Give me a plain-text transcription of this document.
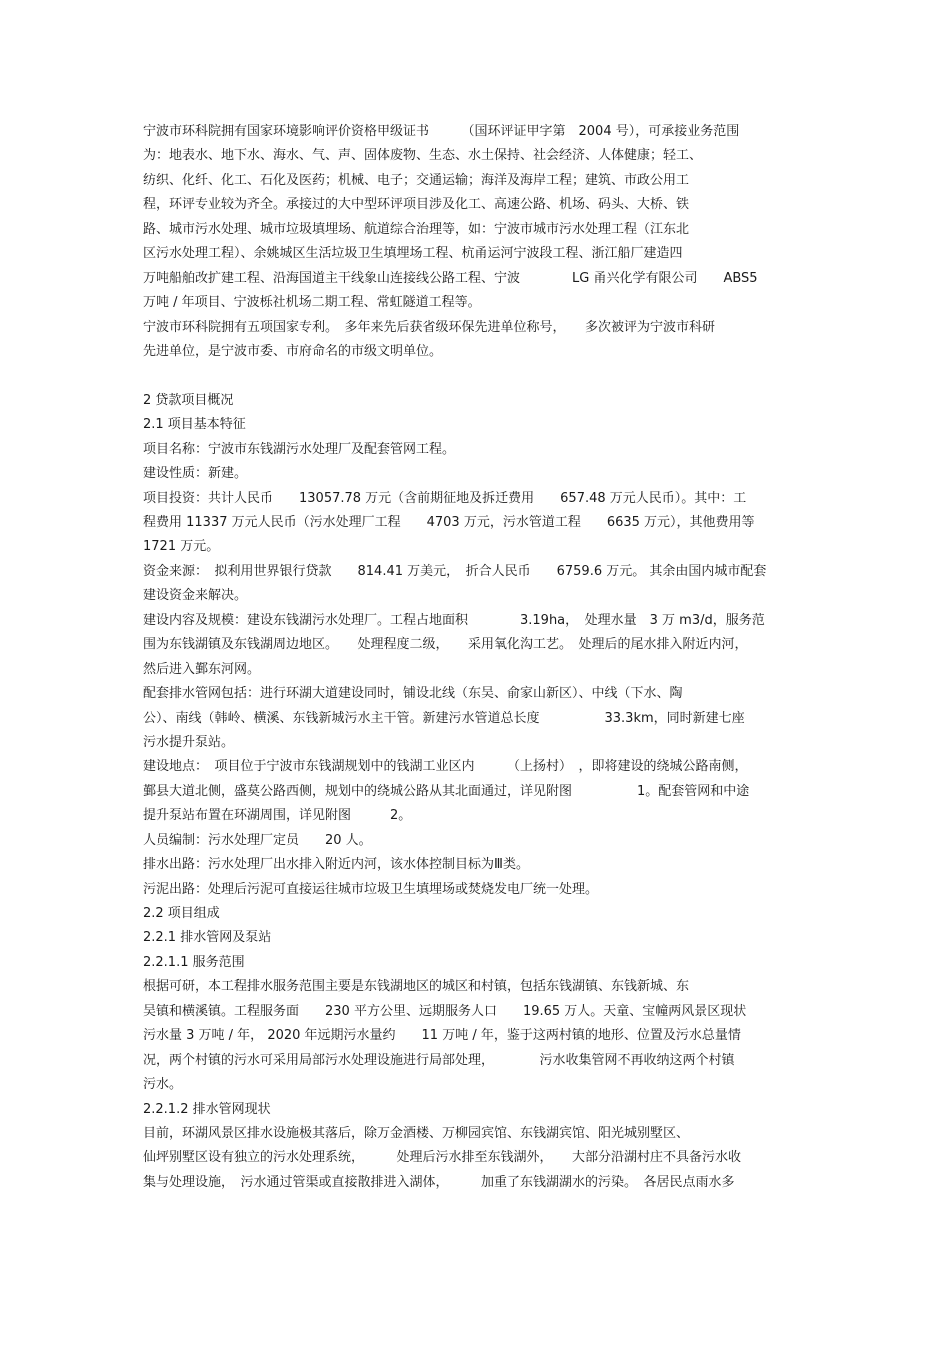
宁波市环科院拥有国家环境影响评价资格甲级证书　　　（国环评证甲字第　2004 号），可承接业务范围
为：地表水、地下水、海水、气、声、固体废物、生态、水土保持、社会经济、人体健康；轻工、
纺织、化纤、化工、石化及医药；机械、电子；交通运输；海洋及海岸工程；建筑、市政公用工
程，环评专业较为齐全。承接过的大中型环评项目涉及化工、高速公路、机场、码头、大桥、铁
路、城市污水处理、城市垃圾填埋场、航道综合治理等，如：宁波市城市污水处理工程（江东北
区污水处理工程）、余姚城区生活垃圾卫生填埋场工程、杭甬运河宁波段工程、浙江船厂建造四
万吨船舶改扩建工程、沿海国道主干线象山连接线公路工程、宁波　　　　LG 甬兴化学有限公司　　ABS5
万吨 / 年项目、宁波栎社机场二期工程、常虹隧道工程等。
宁波市环科院拥有五项国家专利。　多年来先后获省级环保先进单位称号，　　多次被评为宁波市科研
先进单位，是宁波市委、市府命名的市级文明单位。
2 贷款项目概况
2.1 项目基本特征
项目名称：宁波市东钱湖污水处理厂及配套管网工程。
建设性质：新建。
项目投资：共计人民币　　13057.78 万元（含前期征地及拆迁费用　　657.48 万元人民币）。其中：工
程费用 11337 万元人民币（污水处理厂工程　　4703 万元，污水管道工程　　6635 万元），其他费用等
1721 万元。
资金来源：　拟利用世界银行贷款　　814.41 万美元，　折合人民币　　6759.6 万元。 其余由国内城市配套
建设资金来解决。
建设内容及规模：建设东钱湖污水处理厂。工程占地面积　　　　3.19ha，　处理水量　3 万 m3/d，服务范
围为东钱湖镇及东钱湖周边地区。　　处理程度二级，　　采用氧化沟工艺。　处理后的尾水排入附近内河，
然后进入鄞东河网。
配套排水管网包括：进行环湖大道建设同时，铺设北线（东吴、俞家山新区）、中线（下水、陶
公）、南线（韩岭、横溪、东钱新城污水主干管。新建污水管道总长度　　　　　33.3km，同时新建七座
污水提升泵站。
建设地点：　项目位于宁波市东钱湖规划中的钱湖工业区内　　　（上扬村）　，即将建设的绕城公路南侧，
鄞县大道北侧，盛莫公路西侧，规划中的绕城公路从其北面通过，详见附图　　　　　1。配套管网和中途
提升泵站布置在环湖周围，详见附图　　　2。
人员编制：污水处理厂定员　　20 人。
排水出路：污水处理厂出水排入附近内河，该水体控制目标为Ⅲ类。
污泥出路：处理后污泥可直接运往城市垃圾卫生填埋场或焚烧发电厂统一处理。
2.2 项目组成
2.2.1 排水管网及泵站
2.2.1.1 服务范围
根据可研，本工程排水服务范围主要是东钱湖地区的城区和村镇，包括东钱湖镇、东钱新城、东
吴镇和横溪镇。工程服务面　　230 平方公里、远期服务人口　　19.65 万人。天童、宝幢两风景区现状
污水量 3 万吨 / 年， 2020 年远期污水量约　　11 万吨 / 年，鉴于这两村镇的地形、位置及污水总量情
况，两个村镇的污水可采用局部污水处理设施进行局部处理，　　　　污水收集管网不再收纳这两个村镇
污水。
2.2.1.2 排水管网现状
目前，环湖风景区排水设施极其落后，除万金酒楼、万柳园宾馆、东钱湖宾馆、阳光城别墅区、
仙坪别墅区设有独立的污水处理系统，　　　处理后污水排至东钱湖外，　　大部分沿湖村庄不具备污水收
集与处理设施，　污水通过管渠或直接散排进入湖体，　　　加重了东钱湖湖水的污染。　各居民点雨水多
